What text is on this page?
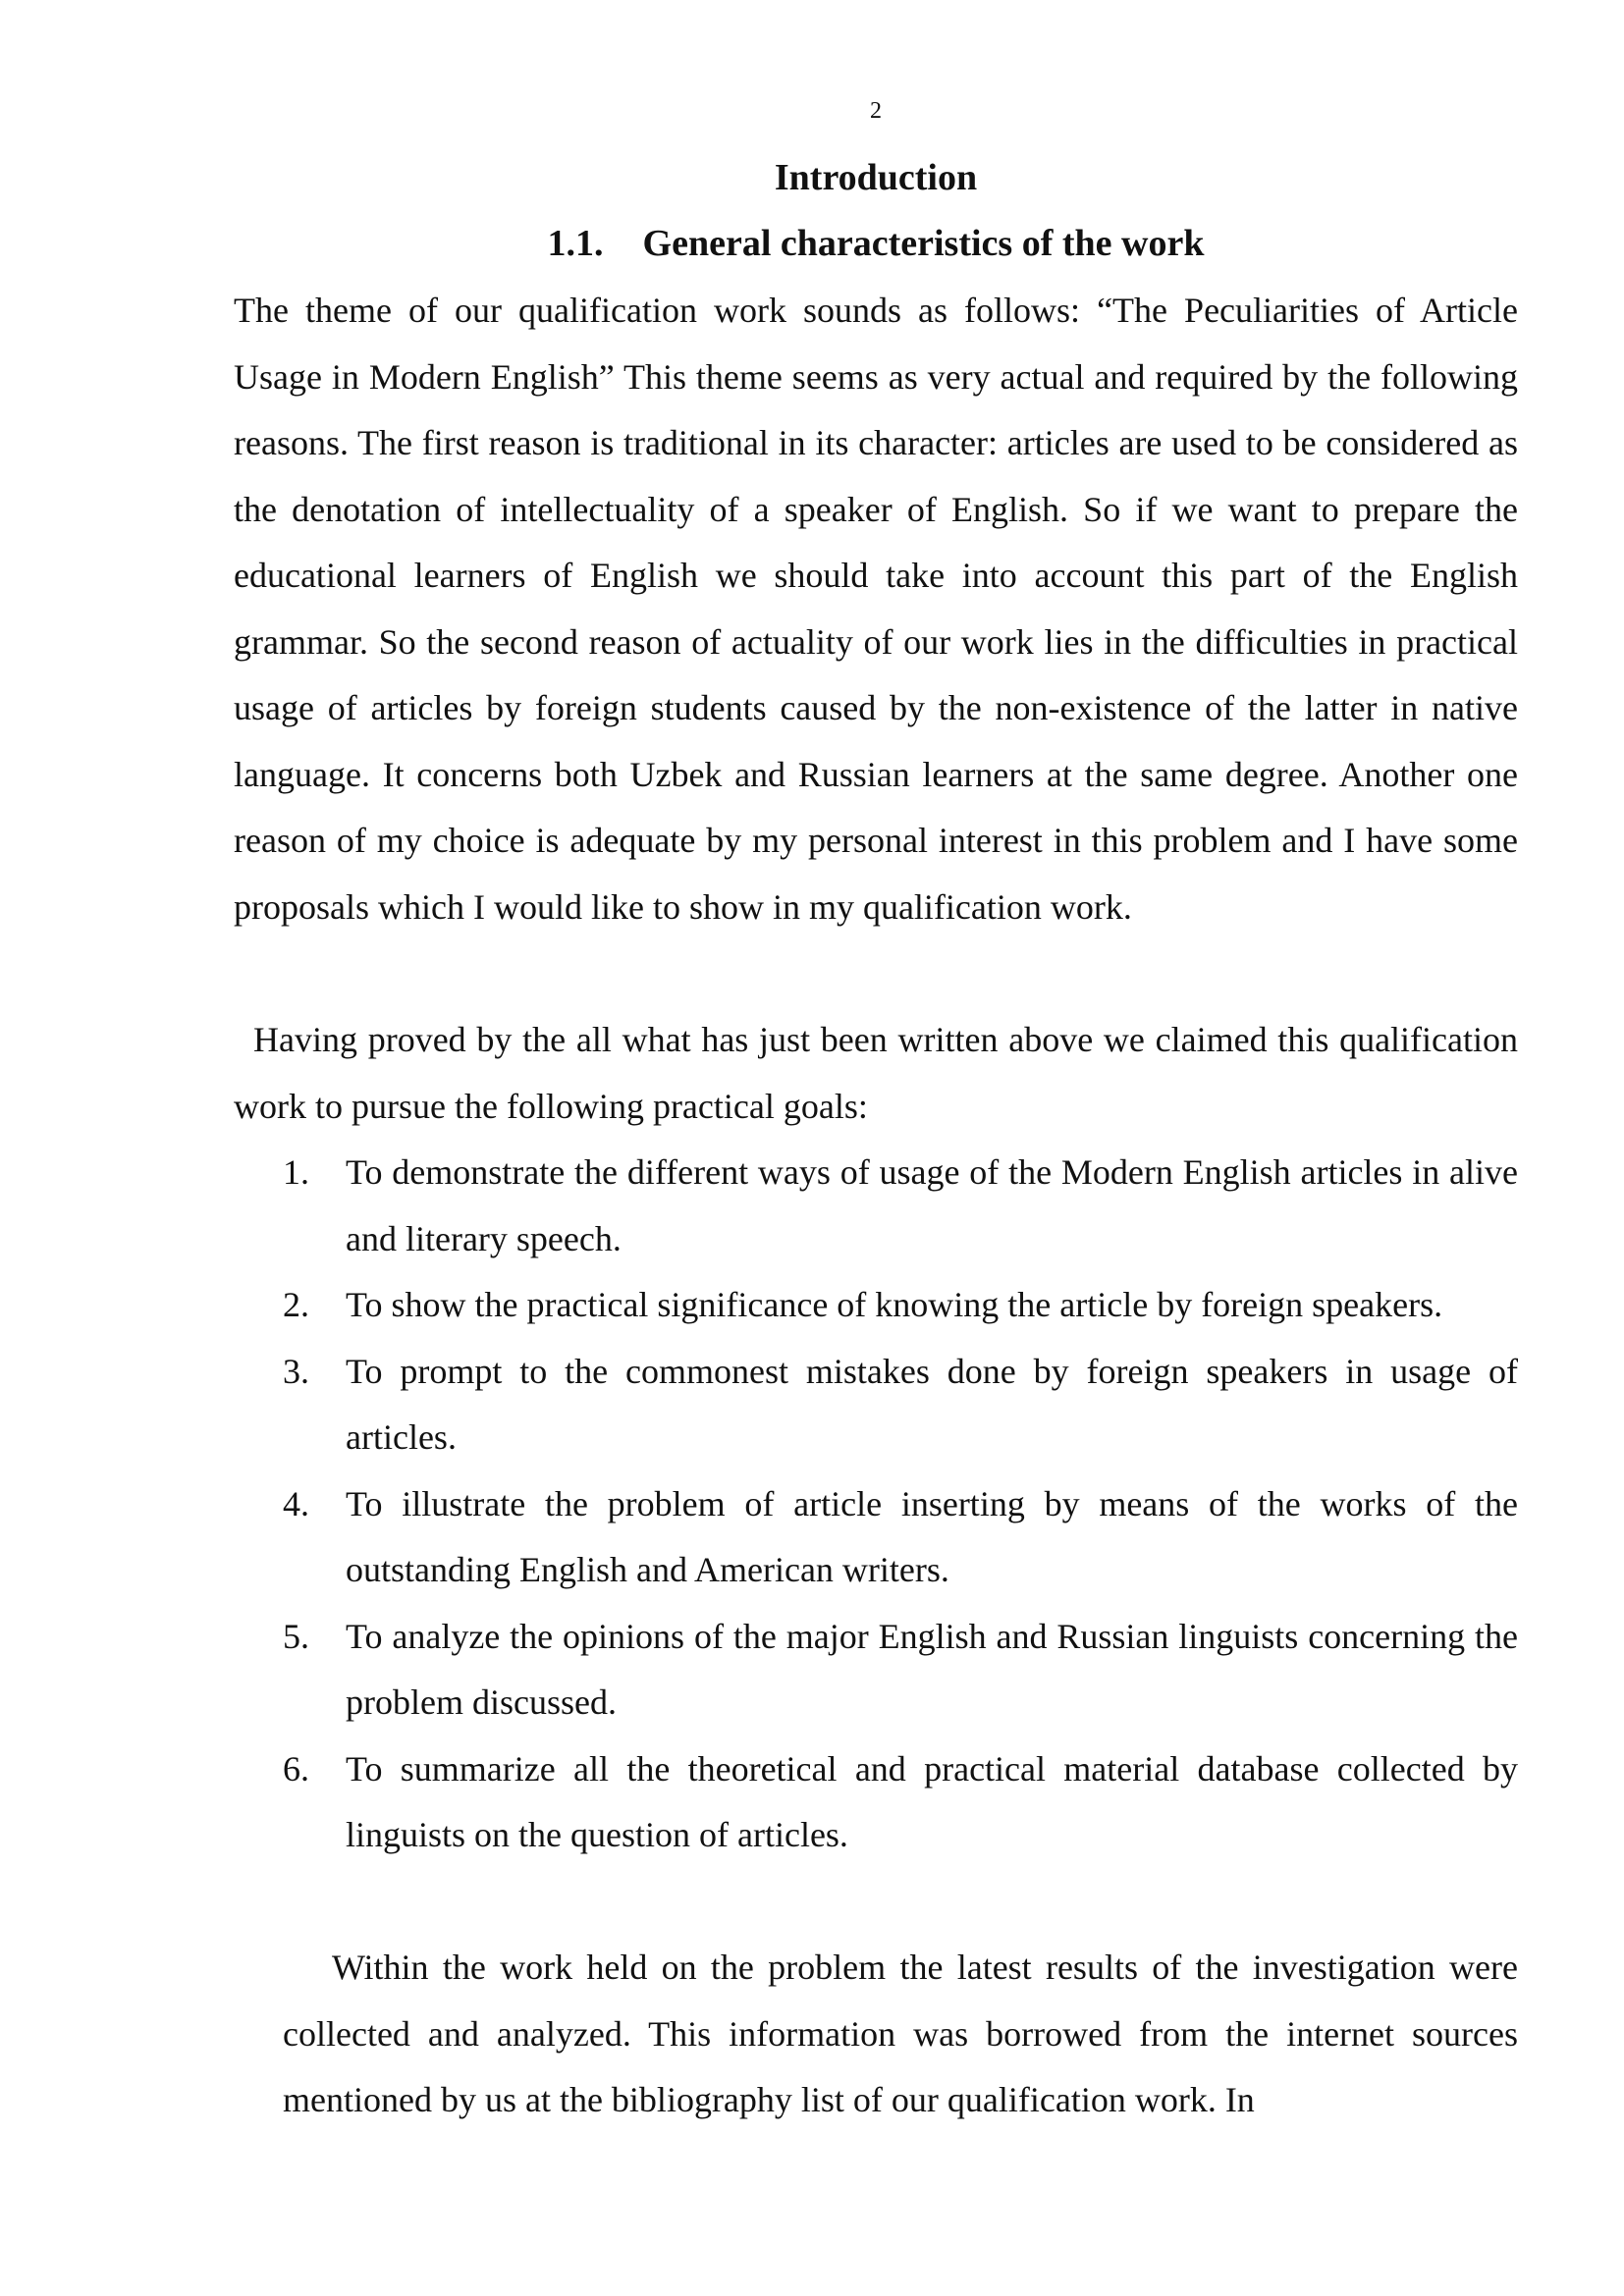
2
Introduction
1.1. General characteristics of the work
The theme of our qualification work sounds as follows: “The Peculiarities of Article Usage in Modern English” This theme seems as very actual and required by the following reasons. The first reason is traditional in its character: articles are used to be considered as the denotation of intellectuality of a speaker of English. So if we want to prepare the educational learners of English we should take into account this part of the English grammar. So the second reason of actuality of our work lies in the difficulties in practical usage of articles by foreign students caused by the non-existence of the latter in native language. It concerns both Uzbek and Russian learners at the same degree. Another one reason of my choice is adequate by my personal interest in this problem and I have some proposals which I would like to show in my qualification work.
Having proved by the all what has just been written above we claimed this qualification work to pursue the following practical goals:
1. To demonstrate the different ways of usage of the Modern English articles in alive and literary speech.
2. To show the practical significance of knowing the article by foreign speakers.
3. To prompt to the commonest mistakes done by foreign speakers in usage of articles.
4. To illustrate the problem of article inserting by means of the works of the outstanding English and American writers.
5. To analyze the opinions of the major English and Russian linguists concerning the problem discussed.
6. To summarize all the theoretical and practical material database collected by linguists on the question of articles.
Within the work held on the problem the latest results of the investigation were collected and analyzed. This information was borrowed from the internet sources mentioned by us at the bibliography list of our qualification work. In
